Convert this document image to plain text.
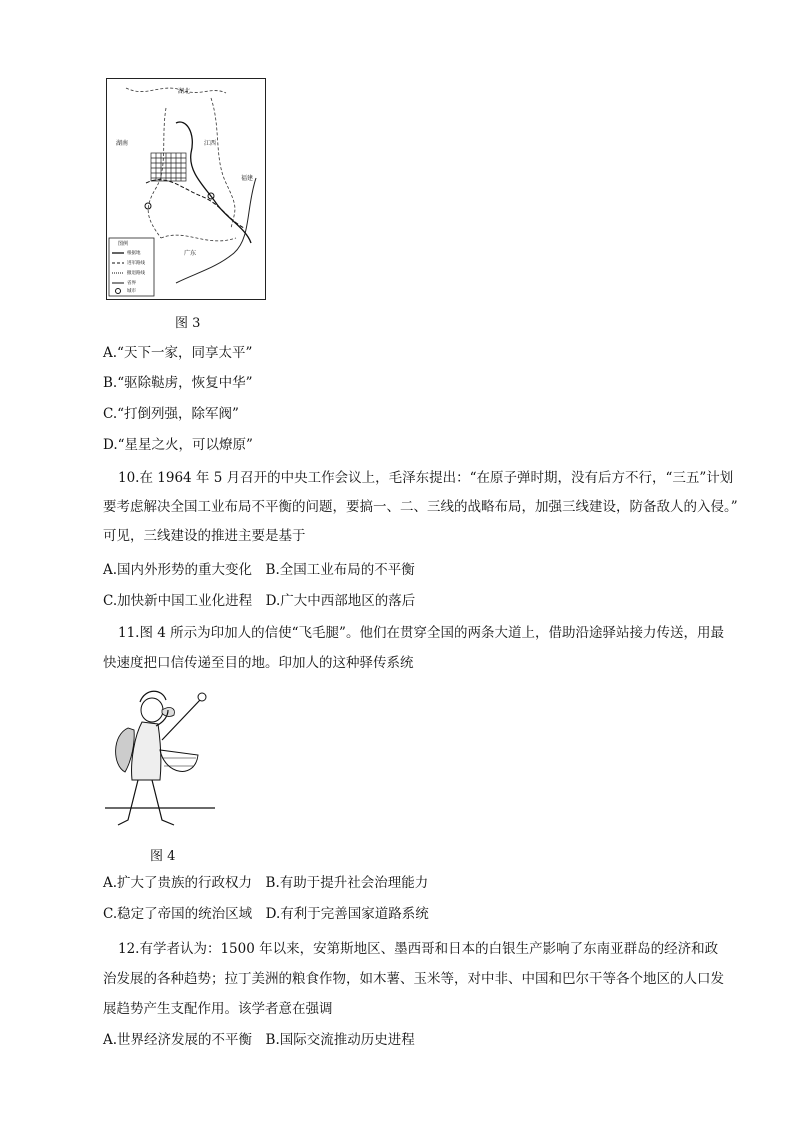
湖北
湖南	江西
福建
广东
图例
根据地
进军路线
撤退路线
省界
城市
图 3
A.“天下一家，同享太平”
B.“驱除鞑虏，恢复中华”
C.“打倒列强，除军阀”
D.“星星之火，可以燎原”
10.在 1964 年 5 月召开的中央工作会议上，毛泽东提出：“在原子弹时期，没有后方不行，“三五”计划
要考虑解决全国工业布局不平衡的问题，要搞一、二、三线的战略布局，加强三线建设，防备敌人的入侵。”
可见，三线建设的推进主要是基于
A.国内外形势的重大变化　B.全国工业布局的不平衡
C.加快新中国工业化进程　D.广大中西部地区的落后
11.图 4 所示为印加人的信使“飞毛腿”。他们在贯穿全国的两条大道上，借助沿途驿站接力传送，用最
快速度把口信传递至目的地。印加人的这种驿传系统
图 4
A.扩大了贵族的行政权力　B.有助于提升社会治理能力
C.稳定了帝国的统治区域　D.有利于完善国家道路系统
12.有学者认为：1500 年以来，安第斯地区、墨西哥和日本的白银生产影响了东南亚群岛的经济和政
治发展的各种趋势；拉丁美洲的粮食作物，如木薯、玉米等，对中非、中国和巴尔干等各个地区的人口发
展趋势产生支配作用。该学者意在强调
A.世界经济发展的不平衡　B.国际交流推动历史进程
